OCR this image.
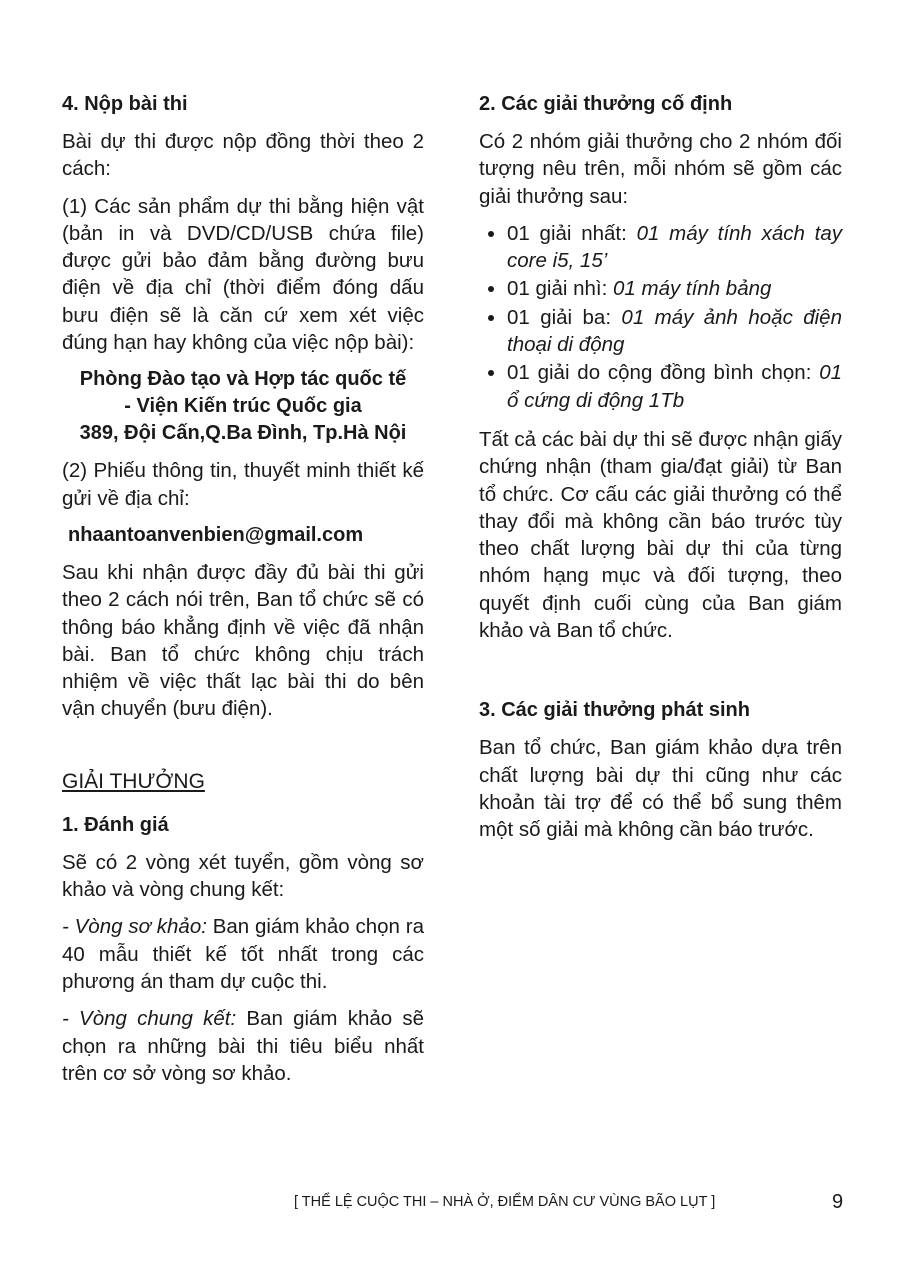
4. Nộp bài thi

Bài dự thi được nộp đồng thời theo 2 cách:

(1) Các sản phẩm dự thi bằng hiện vật (bản in và DVD/CD/USB chứa file) được gửi bảo đảm bằng đường bưu điện về địa chỉ (thời điểm đóng dấu bưu điện sẽ là căn cứ xem xét việc đúng hạn hay không của việc nộp bài):

Phòng Đào tạo và Hợp tác quốc tế
- Viện Kiến trúc Quốc gia
389, Đội Cấn,Q.Ba Đình, Tp.Hà Nội

(2) Phiếu thông tin, thuyết minh thiết kế gửi về địa chỉ:

nhaantoanvenbien@gmail.com

Sau khi nhận được đầy đủ bài thi gửi theo 2 cách nói trên, Ban tổ chức sẽ có thông báo khẳng định về việc đã nhận bài. Ban tổ chức không chịu trách nhiệm về việc thất lạc bài thi do bên vận chuyển (bưu điện).

GIẢI THƯỞNG
1. Đánh giá

Sẽ có 2 vòng xét tuyển, gồm vòng sơ khảo và vòng chung kết:

- Vòng sơ khảo: Ban giám khảo chọn ra 40 mẫu thiết kế tốt nhất trong các phương án tham dự cuộc thi.

- Vòng chung kết: Ban giám khảo sẽ chọn ra những bài thi tiêu biểu nhất trên cơ sở vòng sơ khảo.

2. Các giải thưởng cố định

Có 2 nhóm giải thưởng cho 2 nhóm đối tượng nêu trên, mỗi nhóm sẽ gồm các giải thưởng sau:

• 01 giải nhất: 01 máy tính xách tay core i5, 15’
• 01 giải nhì: 01 máy tính bảng
• 01 giải ba: 01 máy ảnh hoặc điện thoại di động
• 01 giải do cộng đồng bình chọn: 01 ổ cứng di động 1Tb

Tất cả các bài dự thi sẽ được nhận giấy chứng nhận (tham gia/đạt giải) từ Ban tổ chức. Cơ cấu các giải thưởng có thể thay đổi mà không cần báo trước tùy theo chất lượng bài dự thi của từng nhóm hạng mục và đối tượng, theo quyết định cuối cùng của Ban giám khảo và Ban tổ chức.

3. Các giải thưởng phát sinh

Ban tổ chức, Ban giám khảo dựa trên chất lượng bài dự thi cũng như các khoản tài trợ để có thể bổ sung thêm một số giải mà không cần báo trước.

[ THỂ LỆ CUỘC THI – NHÀ Ở, ĐIỂM DÂN CƯ VÙNG BÃO LỤT ]	9
